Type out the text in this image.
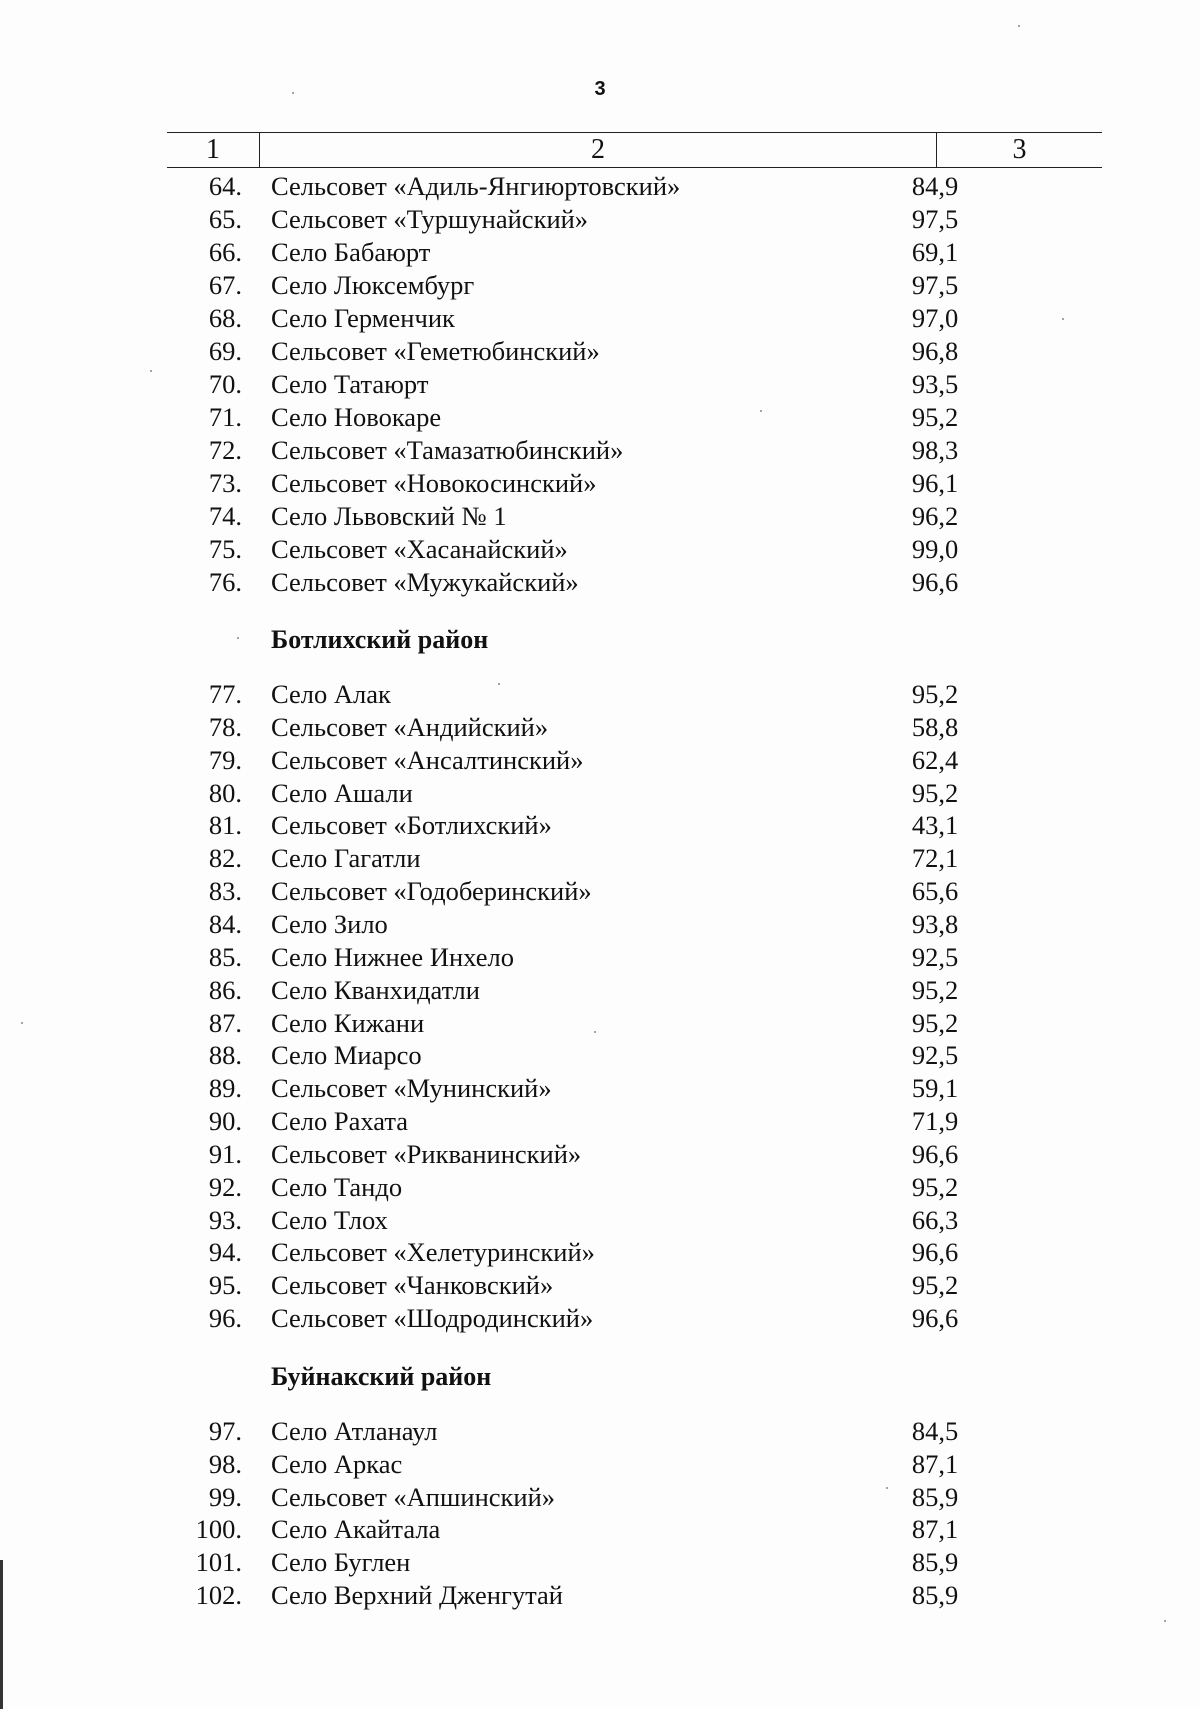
3
1	2	3
64. Сельсовет «Адиль-Янгиюртовский»	84,9
65. Сельсовет «Туршунайский»	97,5
66. Село Бабаюрт	69,1
67. Село Люксембург	97,5
68. Село Герменчик	97,0
69. Сельсовет «Геметюбинский»	96,8
70. Село Татаюрт	93,5
71. Село Новокаре	95,2
72. Сельсовет «Тамазатюбинский»	98,3
73. Сельсовет «Новокосинский»	96,1
74. Село Львовский № 1	96,2
75. Сельсовет «Хасанайский»	99,0
76. Сельсовет «Мужукайский»	96,6
Ботлихский район
77. Село Алак	95,2
78. Сельсовет «Андийский»	58,8
79. Сельсовет «Ансалтинский»	62,4
80. Село Ашали	95,2
81. Сельсовет «Ботлихский»	43,1
82. Село Гагатли	72,1
83. Сельсовет «Годоберинский»	65,6
84. Село Зило	93,8
85. Село Нижнее Инхело	92,5
86. Село Кванхидатли	95,2
87. Село Кижани	95,2
88. Село Миарсо	92,5
89. Сельсовет «Мунинский»	59,1
90. Село Рахата	71,9
91. Сельсовет «Рикванинский»	96,6
92. Село Тандо	95,2
93. Село Тлох	66,3
94. Сельсовет «Хелетуринский»	96,6
95. Сельсовет «Чанковский»	95,2
96. Сельсовет «Шодродинский»	96,6
Буйнакский район
97. Село Атланаул	84,5
98. Село Аркас	87,1
99. Сельсовет «Апшинский»	85,9
100. Село Акайтала	87,1
101. Село Буглен	85,9
102. Село Верхний Дженгутай	85,9
